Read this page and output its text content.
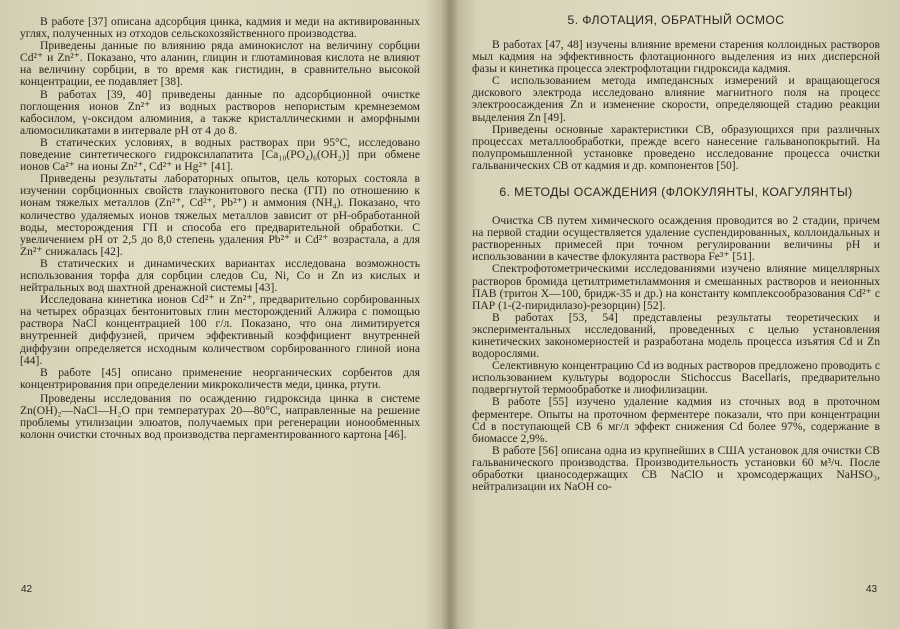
В работе [37] описана адсорбция цинка, кадмия и меди на активированных углях, полученных из отходов сельскохозяйственного производства.

Приведены данные по влиянию ряда аминокислот на величину сорбции Cd²⁺ и Zn²⁺. Показано, что аланин, глицин и глютаминовая кислота не влияют на величину сорбции, в то время как гистидин, в сравнительно высокой концентрации, ее подавляет [38].

В работах [39, 40] приведены данные по адсорбционной очистке поглощения ионов Zn²⁺ из водных растворов непористым кремнеземом кабосилом, γ-оксидом алюминия, а также кристаллическими и аморфными алюмосиликатами в интервале pH от 4 до 8.

В статических условиях, в водных растворах при 95°C, исследовано поведение синтетического гидроксилапатита [Ca₁₀(PO₄)₆(OH₂)] при обмене ионов Ca²⁺ на ионы Zn²⁺, Cd²⁺ и Hg²⁺ [41].

Приведены результаты лабораторных опытов, цель которых состояла в изучении сорбционных свойств глауконитового песка (ГП) по отношению к ионам тяжелых металлов (Zn²⁺, Cd²⁺, Pb²⁺) и аммония (NH₄). Показано, что количество удаляемых ионов тяжелых металлов зависит от pH-обработанной воды, месторождения ГП и способа его предварительной обработки. С увеличением pH от 2,5 до 8,0 степень удаления Pb²⁺ и Cd²⁺ возрастала, а для Zn²⁺ снижалась [42].

В статических и динамических вариантах исследована возможность использования торфа для сорбции следов Cu, Ni, Co и Zn из кислых и нейтральных вод шахтной дренажной системы [43].

Исследована кинетика ионов Cd²⁺ и Zn²⁺, предварительно сорбированных на четырех образцах бентонитовых глин месторождений Алжира с помощью раствора NaCl концентрацией 100 г/л. Показано, что она лимитируется внутренней диффузией, причем эффективный коэффициент внутренней диффузии определяется исходным количеством сорбированного глиной иона [44].

В работе [45] описано применение неорганических сорбентов для концентрирования при определении микроколичеств меди, цинка, ртути.

Проведены исследования по осаждению гидроксида цинка в системе Zn(OH)₂—NaCl—H₂O при температурах 20—80°C, направленные на решение проблемы утилизации элюатов, получаемых при регенерации ионообменных колонн очистки сточных вод производства пергаментированного картона [46].

5. ФЛОТАЦИЯ, ОБРАТНЫЙ ОСМОС

В работах [47, 48] изучены влияние времени старения коллоидных растворов мыл кадмия на эффективность флотационного выделения из них дисперсной фазы и кинетика процесса электрофлотации гидроксида кадмия.

С использованием метода импедансных измерений и вращающегося дискового электрода исследовано влияние магнитного поля на процесс электроосаждения Zn и изменение скорости, определяющей стадию реакции выделения Zn [49].

Приведены основные характеристики СВ, образующихся при различных процессах металлообработки, прежде всего нанесение гальванопокрытий. На полупромышленной установке проведено исследование процесса очистки гальванических СВ от кадмия и др. компонентов [50].

6. МЕТОДЫ ОСАЖДЕНИЯ (ФЛОКУЛЯНТЫ, КОАГУЛЯНТЫ)

Очистка СВ путем химического осаждения проводится во 2 стадии, причем на первой стадии осуществляется удаление суспендированных, коллоидальных и растворенных примесей при точном регулировании величины pH и использовании в качестве флокулянта раствора Fe³⁺ [51].

Спектрофотометрическими исследованиями изучено влияние мицеллярных растворов бромида цетилтриметиламмония и смешанных растворов и неионных ПАВ (тритон Х—100, бридж-35 и др.) на константу комплексообразования Cd²⁺ с ПАР (1-(2-пиридилазо)-резорцин) [52].

В работах [53, 54] представлены результаты теоретических и экспериментальных исследований, проведенных с целью установления кинетических закономерностей и разработана модель процесса изъятия Cd и Zn водорослями.

Селективную концентрацию Cd из водных растворов предложено проводить с использованием культуры водоросли Stichoccus Bacellaris, предварительно подвергнутой термообработке и лиофилизации.

В работе [55] изучено удаление кадмия из сточных вод в проточном ферментере. Опыты на проточном ферментере показали, что при концентрации Cd в поступающей СВ 6 мг/л эффект снижения Cd более 97%, содержание в биомассе 2,9%.

В работе [56] описана одна из крупнейших в США установок для очистки СВ гальванического производства. Производительность установки 60 м³/ч. После обработки цианосодержащих СВ NaClO и хромсодержащих NaHSO₃, нейтрализации их NaOH со-

42	43
